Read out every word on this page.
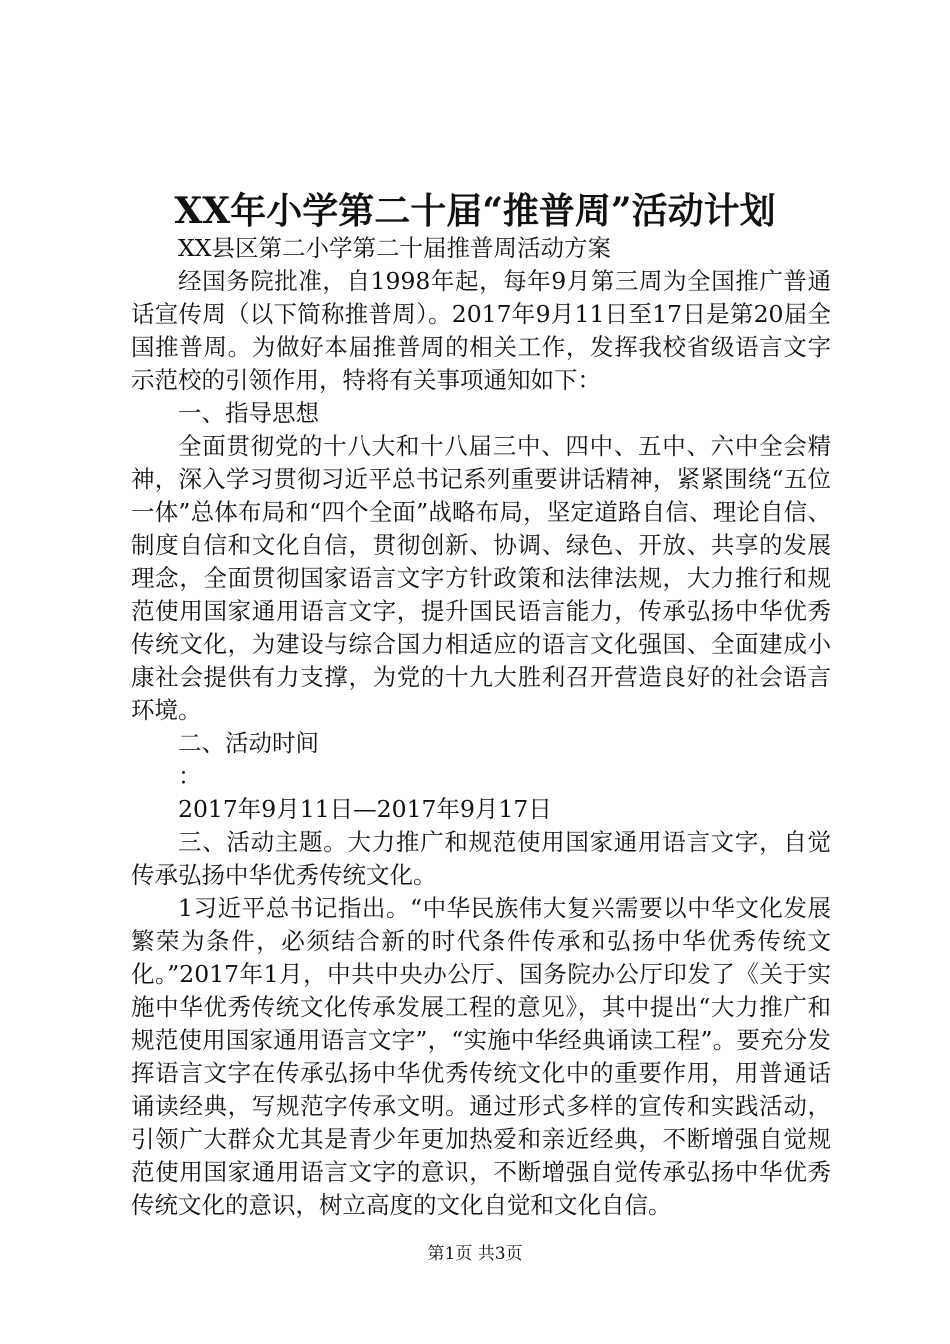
XX年小学第二十届“推普周”活动计划

XX县区第二小学第二十届推普周活动方案

经国务院批准，自1998年起，每年9月第三周为全国推广普通话宣传周（以下简称推普周）。2017年9月11日至17日是第20届全国推普周。为做好本届推普周的相关工作，发挥我校省级语言文字示范校的引领作用，特将有关事项通知如下：

一、指导思想

全面贯彻党的十八大和十八届三中、四中、五中、六中全会精神，深入学习贯彻习近平总书记系列重要讲话精神，紧紧围绕“五位一体”总体布局和“四个全面”战略布局，坚定道路自信、理论自信、制度自信和文化自信，贯彻创新、协调、绿色、开放、共享的发展理念，全面贯彻国家语言文字方针政策和法律法规，大力推行和规范使用国家通用语言文字，提升国民语言能力，传承弘扬中华优秀传统文化，为建设与综合国力相适应的语言文化强国、全面建成小康社会提供有力支撑，为党的十九大胜利召开营造良好的社会语言环境。

二、活动时间

：

2017年9月11日—2017年9月17日

三、活动主题。大力推广和规范使用国家通用语言文字，自觉传承弘扬中华优秀传统文化。

1习近平总书记指出。“中华民族伟大复兴需要以中华文化发展繁荣为条件，必须结合新的时代条件传承和弘扬中华优秀传统文化。”2017年1月，中共中央办公厅、国务院办公厅印发了《关于实施中华优秀传统文化传承发展工程的意见》，其中提出“大力推广和规范使用国家通用语言文字”，“实施中华经典诵读工程”。要充分发挥语言文字在传承弘扬中华优秀传统文化中的重要作用，用普通话诵读经典，写规范字传承文明。通过形式多样的宣传和实践活动，引领广大群众尤其是青少年更加热爱和亲近经典，不断增强自觉规范使用国家通用语言文字的意识，不断增强自觉传承弘扬中华优秀传统文化的意识，树立高度的文化自觉和文化自信。

第1页 共3页
